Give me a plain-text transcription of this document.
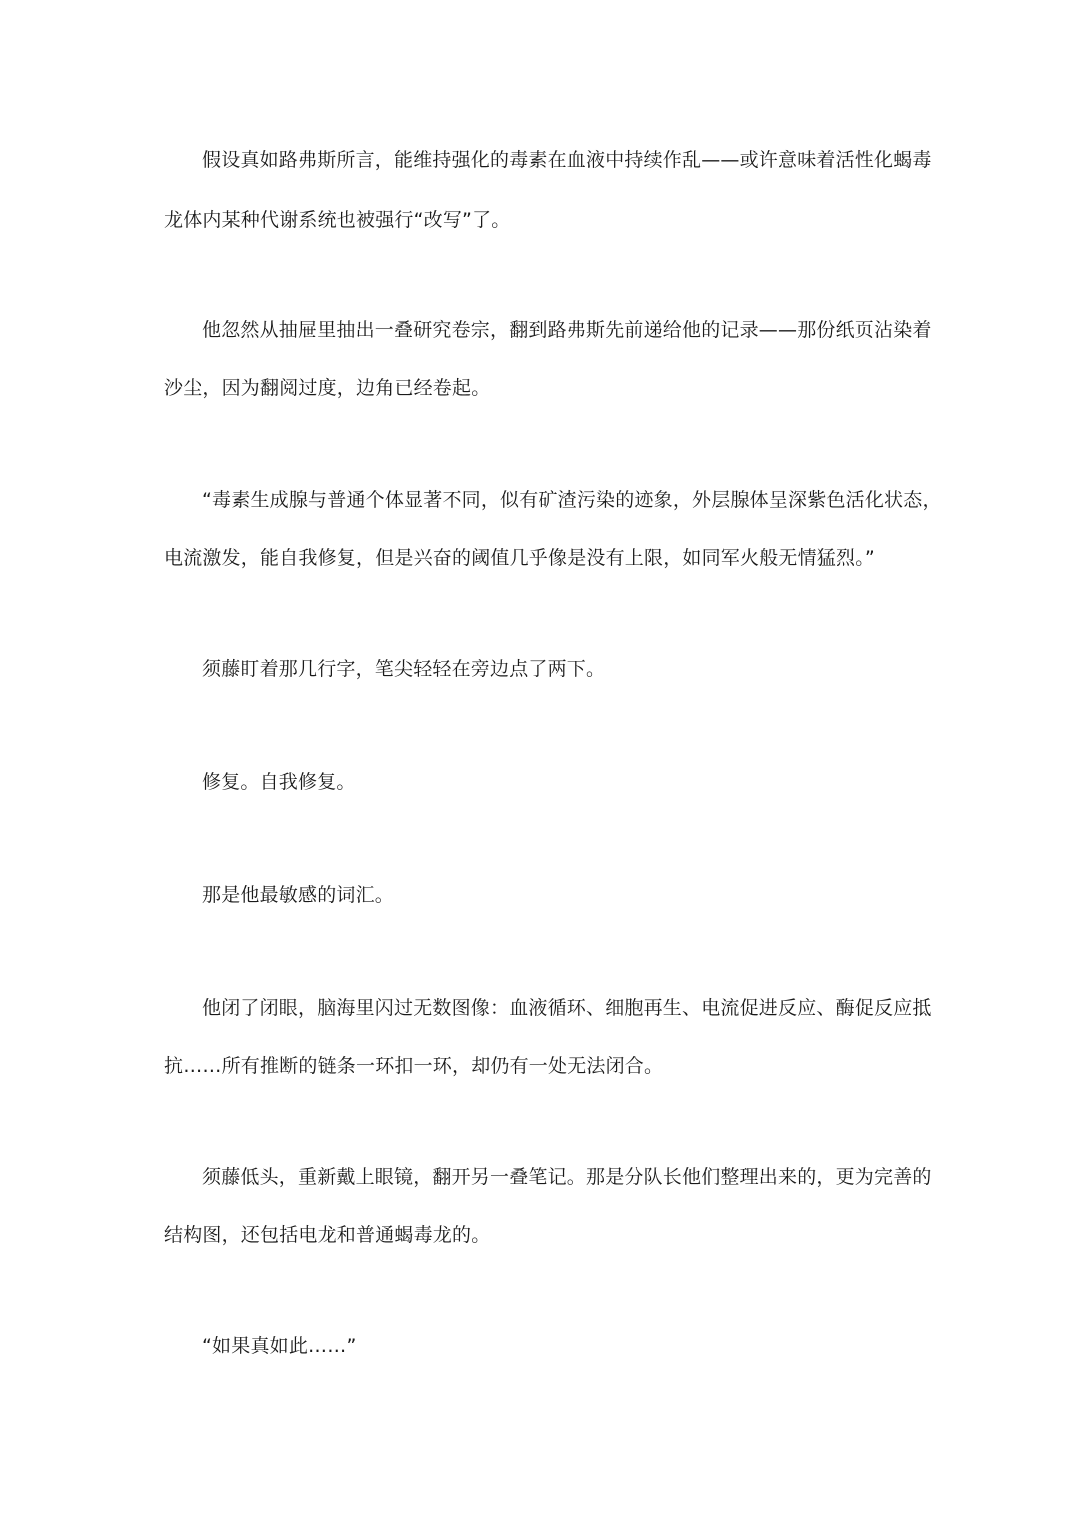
假设真如路弗斯所言，能维持强化的毒素在血液中持续作乱——或许意味着活性化蝎毒
龙体内某种代谢系统也被强行“改写”了。
他忽然从抽屉里抽出一叠研究卷宗，翻到路弗斯先前递给他的记录——那份纸页沾染着
沙尘，因为翻阅过度，边角已经卷起。
“毒素生成腺与普通个体显著不同，似有矿渣污染的迹象，外层腺体呈深紫色活化状态，
电流激发，能自我修复，但是兴奋的阈值几乎像是没有上限，如同军火般无情猛烈。”
须藤盯着那几行字，笔尖轻轻在旁边点了两下。
修复。自我修复。
那是他最敏感的词汇。
他闭了闭眼，脑海里闪过无数图像：血液循环、细胞再生、电流促进反应、酶促反应抵
抗……所有推断的链条一环扣一环，却仍有一处无法闭合。
须藤低头，重新戴上眼镜，翻开另一叠笔记。那是分队长他们整理出来的，更为完善的
结构图，还包括电龙和普通蝎毒龙的。
“如果真如此……”
